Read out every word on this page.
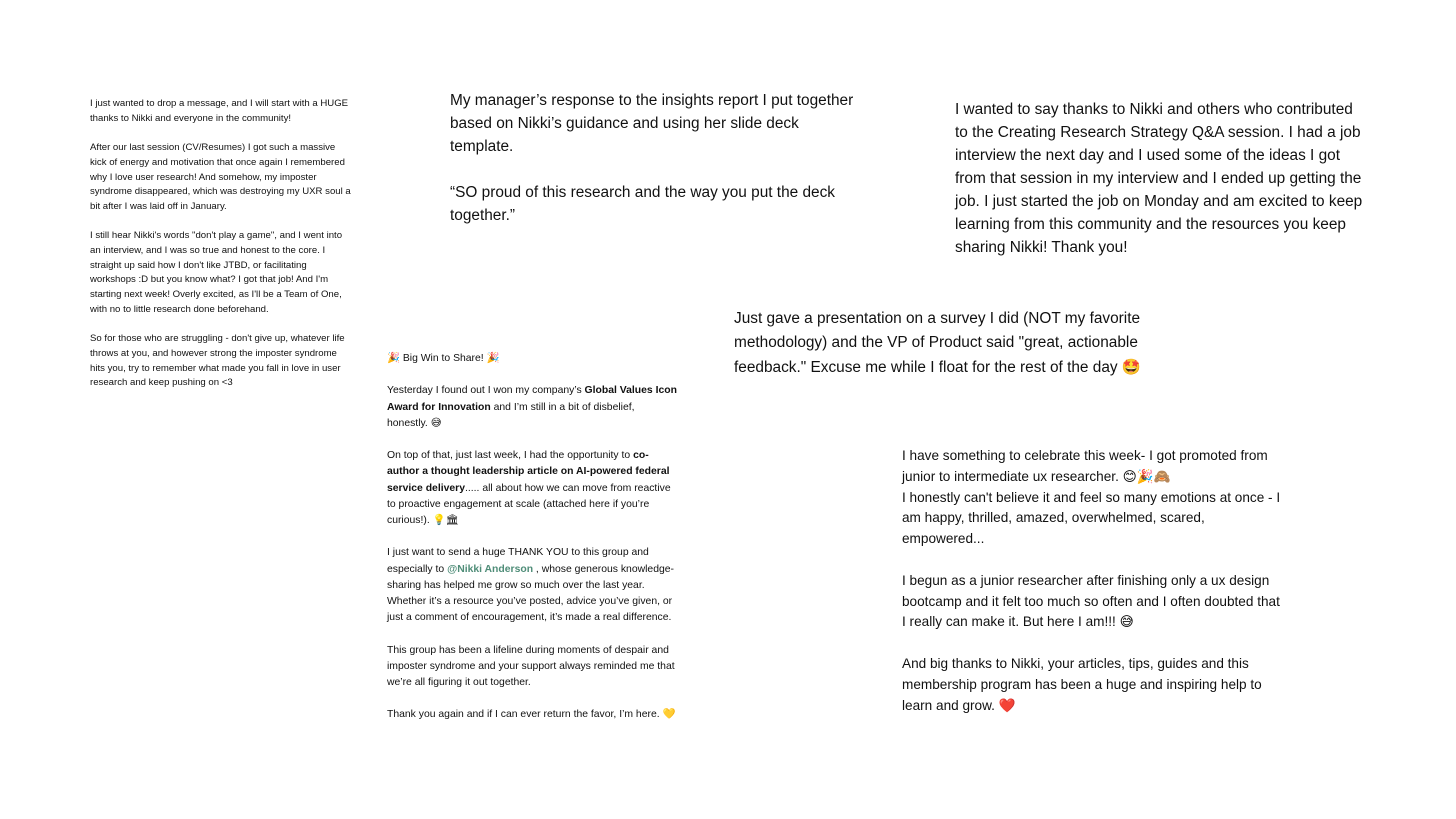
I just wanted to drop a message, and I will start with a HUGE thanks to Nikki and everyone in the community!

After our last session (CV/Resumes) I got such a massive kick of energy and motivation that once again I remembered why I love user research! And somehow, my imposter syndrome disappeared, which was destroying my UXR soul a bit after I was laid off in January.

I still hear Nikki's words "don't play a game", and I went into an interview, and I was so true and honest to the core. I straight up said how I don't like JTBD, or facilitating workshops :D but you know what? I got that job! And I'm starting next week! Overly excited, as I'll be a Team of One, with no to little research done beforehand.

So for those who are struggling - don't give up, whatever life throws at you, and however strong the imposter syndrome hits you, try to remember what made you fall in love in user research and keep pushing on <3

My manager’s response to the insights report I put together based on Nikki’s guidance and using her slide deck template.

“SO proud of this research and the way you put the deck together.”

I wanted to say thanks to Nikki and others who contributed to the Creating Research Strategy Q&A session. I had a job interview the next day and I used some of the ideas I got from that session in my interview and I ended up getting the job. I just started the job on Monday and am excited to keep learning from this community and the resources you keep sharing Nikki! Thank you!

Just gave a presentation on a survey I did (NOT my favorite methodology) and the VP of Product said "great, actionable feedback." Excuse me while I float for the rest of the day 🤩

🎉 Big Win to Share! 🎉

Yesterday I found out I won my company’s Global Values Icon Award for Innovation and I’m still in a bit of disbelief, honestly. 😅

On top of that, just last week, I had the opportunity to co-author a thought leadership article on AI-powered federal service delivery..... all about how we can move from reactive to proactive engagement at scale (attached here if you’re curious!). 💡🏛

I just want to send a huge THANK YOU to this group and especially to @Nikki Anderson , whose generous knowledge-sharing has helped me grow so much over the last year. Whether it’s a resource you’ve posted, advice you’ve given, or just a comment of encouragement, it’s made a real difference.

This group has been a lifeline during moments of despair and imposter syndrome and your support always reminded me that we’re all figuring it out together.

Thank you again and if I can ever return the favor, I’m here. 💛

I have something to celebrate this week- I got promoted from junior to intermediate ux researcher. 😊🎉🙈

I honestly can't believe it and feel so many emotions at once - I am happy, thrilled, amazed, overwhelmed, scared, empowered...

I begun as a junior researcher after finishing only a ux design bootcamp and it felt too much so often and I often doubted that I really can make it. But here I am!!! 😅

And big thanks to Nikki, your articles, tips, guides and this membership program has been a huge and inspiring help to learn and grow. ❤️
